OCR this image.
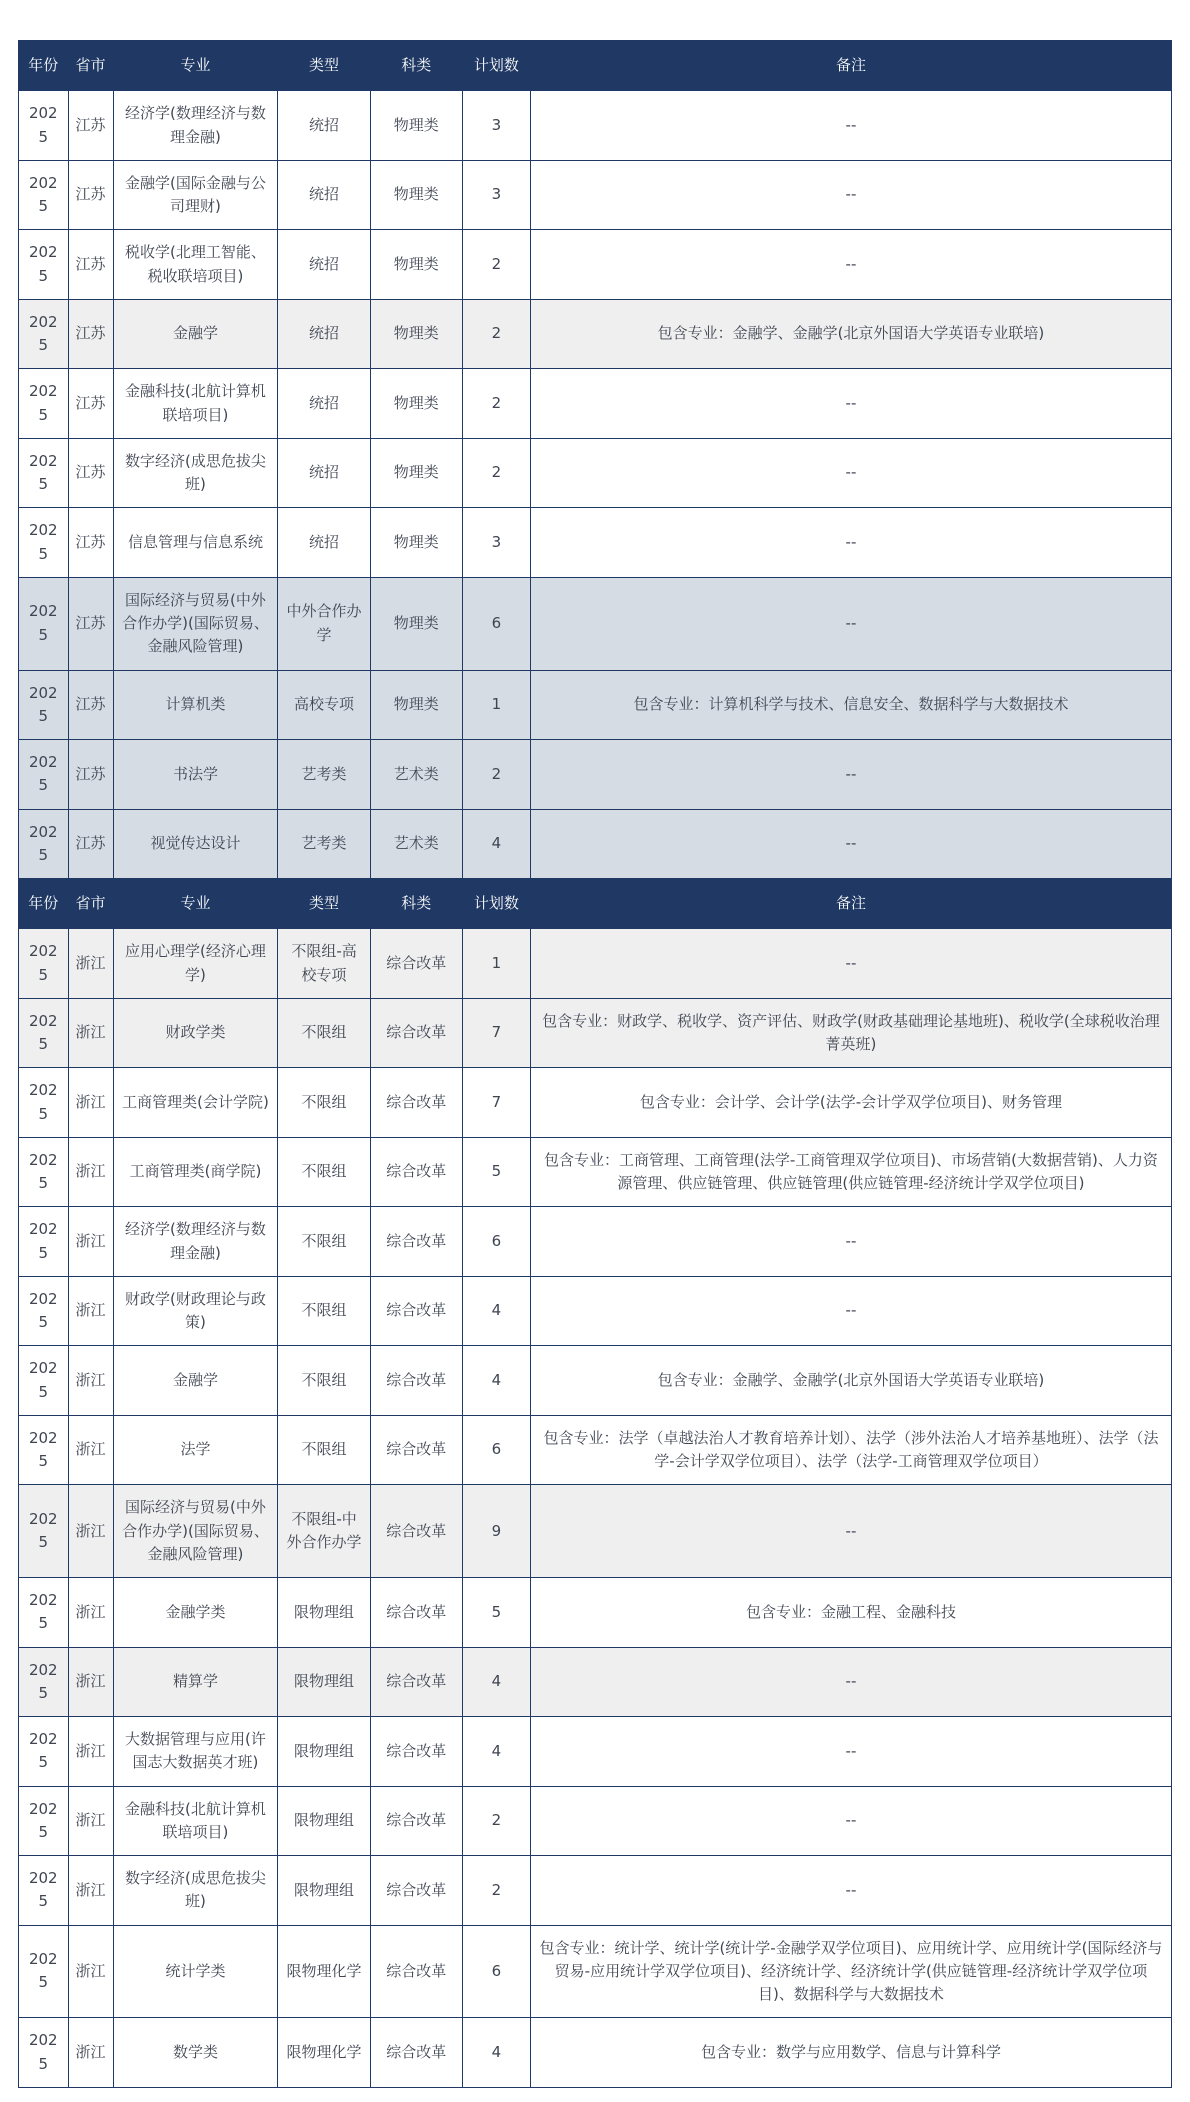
年份	省市	专业	类型	科类	计划数	备注
2025	江苏	经济学(数理经济与数理金融)	统招	物理类	3	--
2025	江苏	金融学(国际金融与公司理财)	统招	物理类	3	--
2025	江苏	税收学(北理工智能、税收联培项目)	统招	物理类	2	--
2025	江苏	金融学	统招	物理类	2	包含专业：金融学、金融学(北京外国语大学英语专业联培)
2025	江苏	金融科技(北航计算机联培项目)	统招	物理类	2	--
2025	江苏	数字经济(成思危拔尖班)	统招	物理类	2	--
2025	江苏	信息管理与信息系统	统招	物理类	3	--
2025	江苏	国际经济与贸易(中外合作办学)(国际贸易、金融风险管理)	中外合作办学	物理类	6	--
2025	江苏	计算机类	高校专项	物理类	1	包含专业：计算机科学与技术、信息安全、数据科学与大数据技术
2025	江苏	书法学	艺考类	艺术类	2	--
2025	江苏	视觉传达设计	艺考类	艺术类	4	--
年份	省市	专业	类型	科类	计划数	备注
2025	浙江	应用心理学(经济心理学)	不限组-高校专项	综合改革	1	--
2025	浙江	财政学类	不限组	综合改革	7	包含专业：财政学、税收学、资产评估、财政学(财政基础理论基地班)、税收学(全球税收治理菁英班)
2025	浙江	工商管理类(会计学院)	不限组	综合改革	7	包含专业：会计学、会计学(法学-会计学双学位项目)、财务管理
2025	浙江	工商管理类(商学院)	不限组	综合改革	5	包含专业：工商管理、工商管理(法学-工商管理双学位项目)、市场营销(大数据营销)、人力资源管理、供应链管理、供应链管理(供应链管理-经济统计学双学位项目)
2025	浙江	经济学(数理经济与数理金融)	不限组	综合改革	6	--
2025	浙江	财政学(财政理论与政策)	不限组	综合改革	4	--
2025	浙江	金融学	不限组	综合改革	4	包含专业：金融学、金融学(北京外国语大学英语专业联培)
2025	浙江	法学	不限组	综合改革	6	包含专业：法学（卓越法治人才教育培养计划）、法学（涉外法治人才培养基地班）、法学（法学-会计学双学位项目）、法学（法学-工商管理双学位项目）
2025	浙江	国际经济与贸易(中外合作办学)(国际贸易、金融风险管理)	不限组-中外合作办学	综合改革	9	--
2025	浙江	金融学类	限物理组	综合改革	5	包含专业：金融工程、金融科技
2025	浙江	精算学	限物理组	综合改革	4	--
2025	浙江	大数据管理与应用(许国志大数据英才班)	限物理组	综合改革	4	--
2025	浙江	金融科技(北航计算机联培项目)	限物理组	综合改革	2	--
2025	浙江	数字经济(成思危拔尖班)	限物理组	综合改革	2	--
2025	浙江	统计学类	限物理化学	综合改革	6	包含专业：统计学、统计学(统计学-金融学双学位项目)、应用统计学、应用统计学(国际经济与贸易-应用统计学双学位项目)、经济统计学、经济统计学(供应链管理-经济统计学双学位项目)、数据科学与大数据技术
2025	浙江	数学类	限物理化学	综合改革	4	包含专业：数学与应用数学、信息与计算科学
